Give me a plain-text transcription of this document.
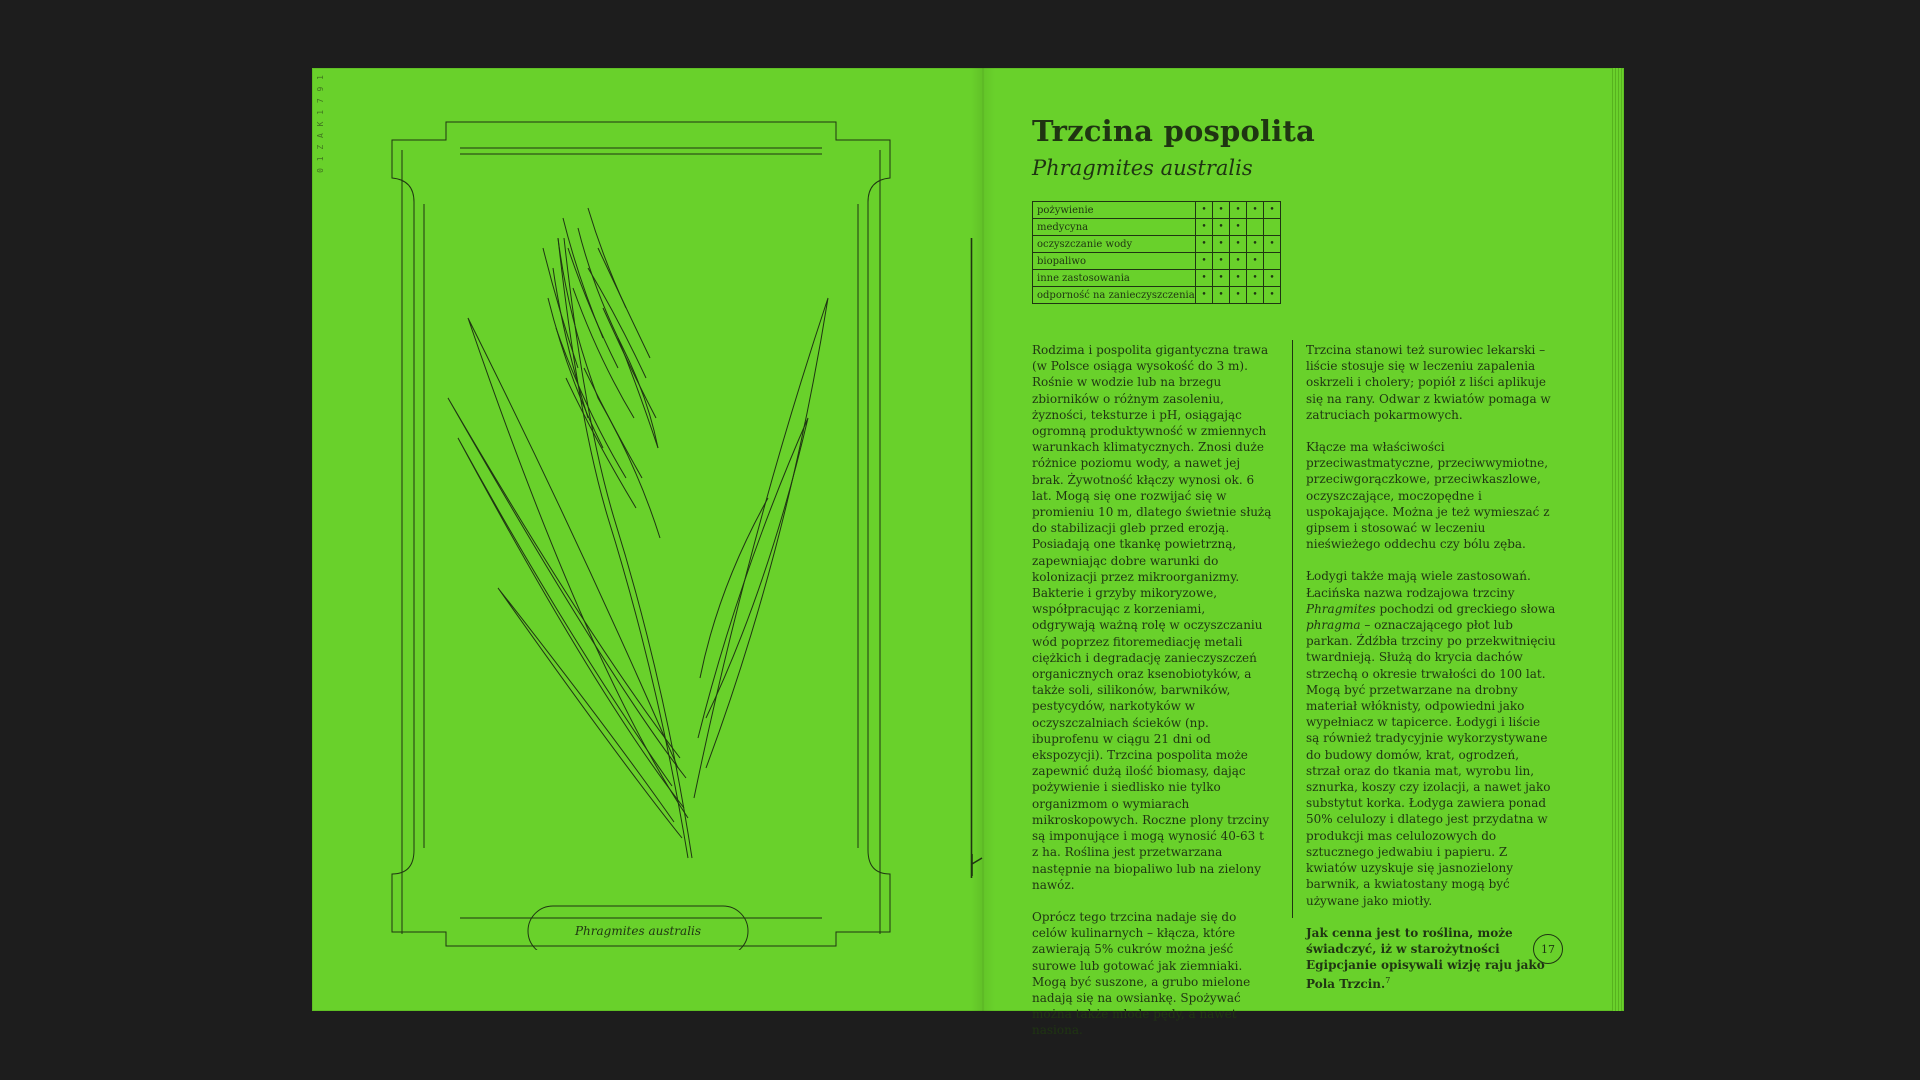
0 1 Z A K 1 7 9 1
Phragmites australis
Trzcina pospolita
Phragmites australis
pożywienie	•	•	•	•	•
medycyna	•	•	•		
oczyszczanie wody	•	•	•	•	•
biopaliwo	•	•	•	•	
inne zastosowania	•	•	•	•	•
odporność na zanieczyszczenia	•	•	•	•	•

Rodzima i pospolita gigantyczna trawa (w Polsce osiąga wysokość do 3 m). Rośnie w wodzie lub na brzegu zbiorników o różnym zasoleniu, żyzności, teksturze i pH, osiągając ogromną produktywność w zmiennych warunkach klimatycznych. Znosi duże różnice poziomu wody, a nawet jej brak. Żywotność kłączy wynosi ok. 6 lat. Mogą się one rozwijać się w promieniu 10 m, dlatego świetnie służą do stabilizacji gleb przed erozją. Posiadają one tkankę powietrzną, zapewniając dobre warunki do kolonizacji przez mikroorganizmy. Bakterie i grzyby mikoryzowe, współpracując z korzeniami, odgrywają ważną rolę w oczyszczaniu wód poprzez fitoremediację metali ciężkich i degradację zanieczyszczeń organicznych oraz ksenobiotyków, a także soli, silikonów, barwników, pestycydów, narkotyków w oczyszczalniach ścieków (np. ibuprofenu w ciągu 21 dni od ekspozycji). Trzcina pospolita może zapewnić dużą ilość biomasy, dając pożywienie i siedlisko nie tylko organizmom o wymiarach mikroskopowych. Roczne plony trzciny są imponujące i mogą wynosić 40-63 t z ha. Roślina jest przetwarzana następnie na biopaliwo lub na zielony nawóz.

Oprócz tego trzcina nadaje się do celów kulinarnych – kłącza, które zawierają 5% cukrów można jeść surowe lub gotować jak ziemniaki. Mogą być suszone, a grubo mielone nadają się na owsiankę. Spożywać można także młode pędy, a nawet nasiona.

Trzcina stanowi też surowiec lekarski – liście stosuje się w leczeniu zapalenia oskrzeli i cholery; popiół z liści aplikuje się na rany. Odwar z kwiatów pomaga w zatruciach pokarmowych.

Kłącze ma właściwości przeciwastmatyczne, przeciwwymiotne, przeciwgorączkowe, przeciwkaszlowe, oczyszczające, moczopędne i uspokajające. Można je też wymieszać z gipsem i stosować w leczeniu nieświeżego oddechu czy bólu zęba.

Łodygi także mają wiele zastosowań. Łacińska nazwa rodzajowa trzciny Phragmites pochodzi od greckiego słowa phragma – oznaczającego płot lub parkan. Źdźbła trzciny po przekwitnięciu twardnieją. Służą do krycia dachów strzechą o okresie trwałości do 100 lat. Mogą być przetwarzane na drobny materiał włóknisty, odpowiedni jako wypełniacz w tapicerce. Łodygi i liście są również tradycyjnie wykorzystywane do budowy domów, krat, ogrodzeń, strzał oraz do tkania mat, wyrobu lin, sznurka, koszy czy izolacji, a nawet jako substytut korka. Łodyga zawiera ponad 50% celulozy i dlatego jest przydatna w produkcji mas celulozowych do sztucznego jedwabiu i papieru. Z kwiatów uzyskuje się jasnozielony barwnik, a kwiatostany mogą być używane jako miotły.

Jak cenna jest to roślina, może świadczyć, iż w starożytności Egipcjanie opisywali wizję raju jako Pola Trzcin.$^7$

17
